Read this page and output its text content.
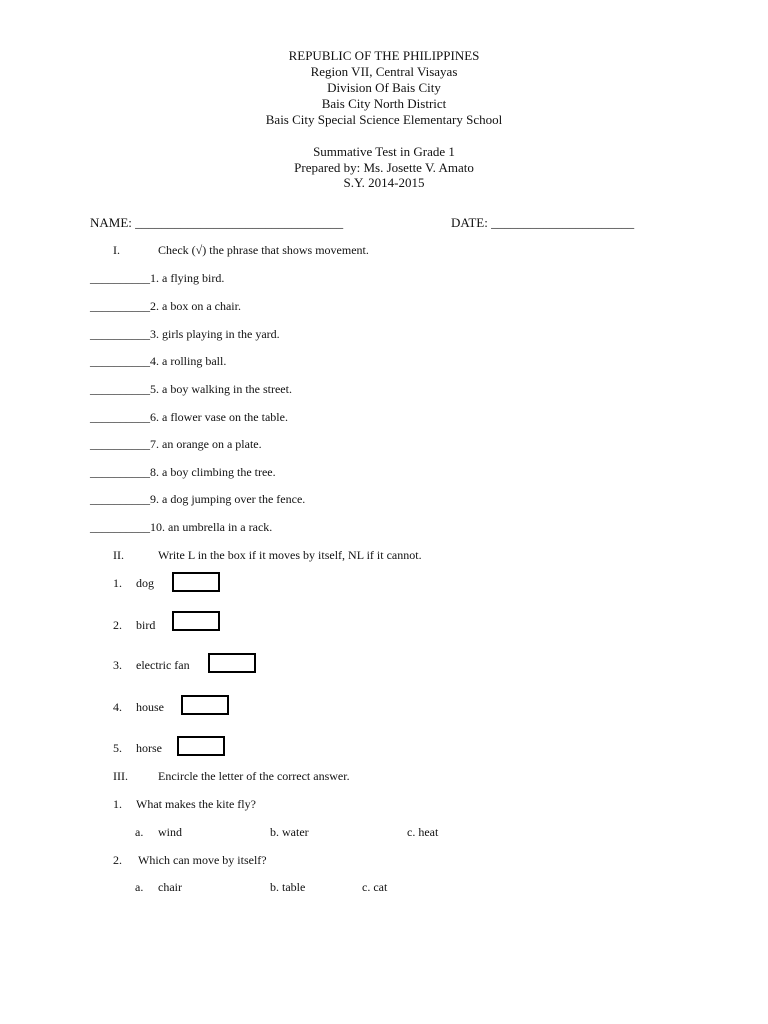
REPUBLIC OF THE PHILIPPINES
Region VII, Central Visayas
Division Of Bais City
Bais City North District
Bais City Special Science Elementary School
Summative Test in Grade 1
Prepared by: Ms. Josette V. Amato
S.Y. 2014-2015
NAME: ________________________________	DATE: ______________________
I.	Check (√) the phrase that shows movement.
__________1. a flying bird.
__________2. a box on a chair.
__________3. girls playing in the yard.
__________4. a rolling ball.
__________5. a boy walking in the street.
__________6. a flower vase on the table.
__________7. an orange on a plate.
__________8. a boy climbing the tree.
__________9. a dog jumping over the fence.
__________10. an umbrella in a rack.
II.	Write L in the box if it moves by itself, NL if it cannot.
1. dog
2. bird
3. electric fan
4. house
5. horse
III.	Encircle the letter of the correct answer.
1. What makes the kite fly?
a. wind	b. water	c. heat
2. Which can move by itself?
a. chair	b. table	c. cat
